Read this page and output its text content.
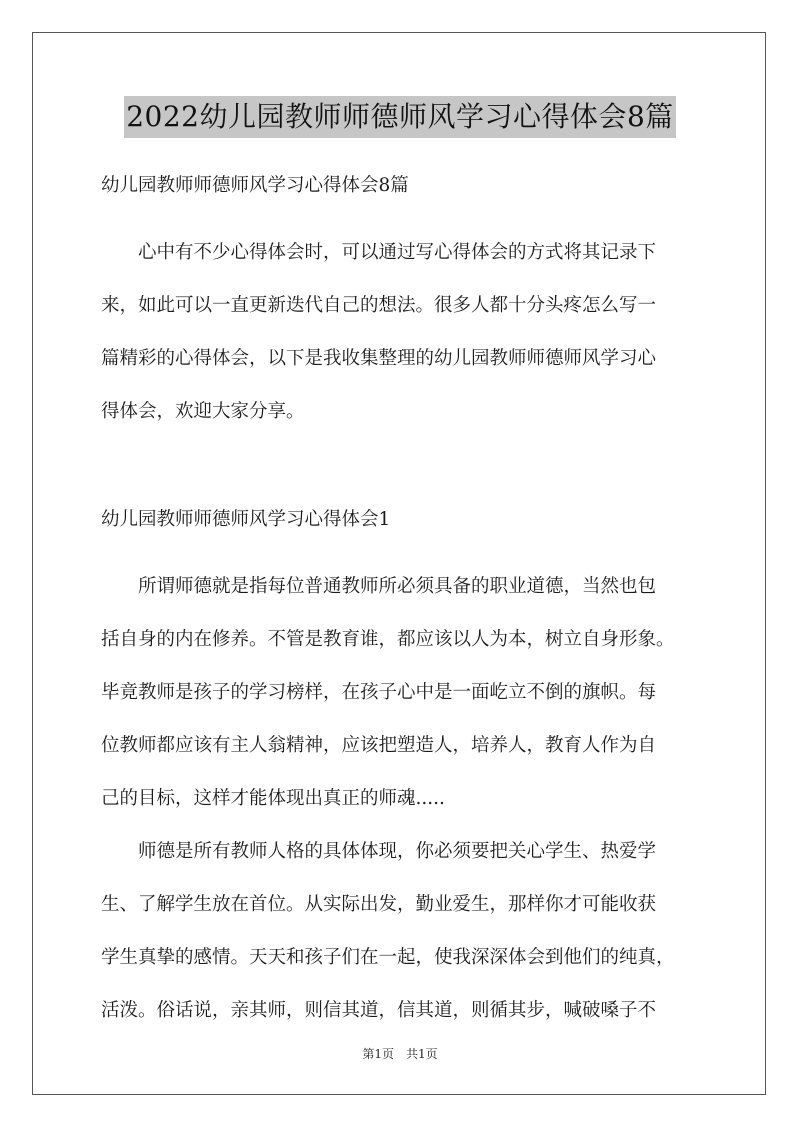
2022幼儿园教师师德师风学习心得体会8篇

幼儿园教师师德师风学习心得体会8篇

　　心中有不少心得体会时，可以通过写心得体会的方式将其记录下

来，如此可以一直更新迭代自己的想法。很多人都十分头疼怎么写一

篇精彩的心得体会，以下是我收集整理的幼儿园教师师德师风学习心

得体会，欢迎大家分享。

幼儿园教师师德师风学习心得体会1

　　所谓师德就是指每位普通教师所必须具备的职业道德，当然也包

括自身的内在修养。不管是教育谁，都应该以人为本，树立自身形象。

毕竟教师是孩子的学习榜样，在孩子心中是一面屹立不倒的旗帜。每

位教师都应该有主人翁精神，应该把塑造人，培养人，教育人作为自

己的目标，这样才能体现出真正的师魂.....

　　师德是所有教师人格的具体体现，你必须要把关心学生、热爱学

生、了解学生放在首位。从实际出发，勤业爱生，那样你才可能收获

学生真挚的感情。天天和孩子们在一起，使我深深体会到他们的纯真，

活泼。俗话说，亲其师，则信其道，信其道，则循其步，喊破嗓子不

第1页　共1页
